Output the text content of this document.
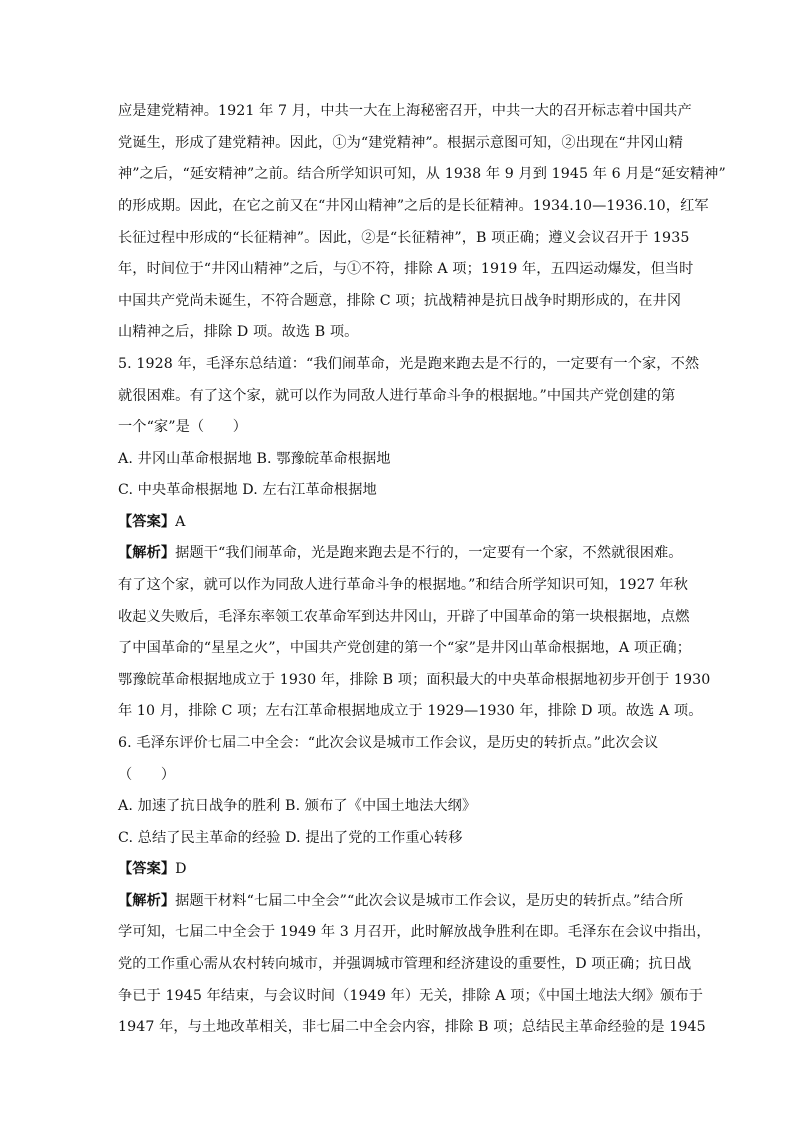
应是建党精神。1921 年 7 月，中共一大在上海秘密召开，中共一大的召开标志着中国共产
党诞生，形成了建党精神。因此，①为“建党精神”。根据示意图可知，②出现在“井冈山精
神”之后，“延安精神”之前。结合所学知识可知，从 1938 年 9 月到 1945 年 6 月是“延安精神”
的形成期。因此，在它之前又在“井冈山精神”之后的是长征精神。1934.10—1936.10，红军
长征过程中形成的“长征精神”。因此，②是“长征精神”，B 项正确；遵义会议召开于 1935
年，时间位于“井冈山精神”之后，与①不符，排除 A 项；1919 年，五四运动爆发，但当时
中国共产党尚未诞生，不符合题意，排除 C 项；抗战精神是抗日战争时期形成的，在井冈
山精神之后，排除 D 项。故选 B 项。
5. 1928 年，毛泽东总结道：“我们闹革命，光是跑来跑去是不行的，一定要有一个家，不然
就很困难。有了这个家，就可以作为同敌人进行革命斗争的根据地。”中国共产党创建的第
一个“家”是（　　）
A. 井冈山革命根据地 B. 鄂豫皖革命根据地
C. 中央革命根据地 D. 左右江革命根据地
【答案】A
【解析】据题干“我们闹革命，光是跑来跑去是不行的，一定要有一个家，不然就很困难。
有了这个家，就可以作为同敌人进行革命斗争的根据地。”和结合所学知识可知，1927 年秋
收起义失败后，毛泽东率领工农革命军到达井冈山，开辟了中国革命的第一块根据地，点燃
了中国革命的“星星之火”，中国共产党创建的第一个“家”是井冈山革命根据地，A 项正确；
鄂豫皖革命根据地成立于 1930 年，排除 B 项；面积最大的中央革命根据地初步开创于 1930
年 10 月，排除 C 项；左右江革命根据地成立于 1929—1930 年，排除 D 项。故选 A 项。
6. 毛泽东评价七届二中全会：“此次会议是城市工作会议，是历史的转折点。”此次会议
（　　）
A. 加速了抗日战争的胜利 B. 颁布了《中国土地法大纲》
C. 总结了民主革命的经验 D. 提出了党的工作重心转移
【答案】D
【解析】据题干材料“七届二中全会”“此次会议是城市工作会议，是历史的转折点。”结合所
学可知，七届二中全会于 1949 年 3 月召开，此时解放战争胜利在即。毛泽东在会议中指出，
党的工作重心需从农村转向城市，并强调城市管理和经济建设的重要性，D 项正确；抗日战
争已于 1945 年结束，与会议时间（1949 年）无关，排除 A 项；《中国土地法大纲》颁布于
1947 年，与土地改革相关，非七届二中全会内容，排除 B 项；总结民主革命经验的是 1945
